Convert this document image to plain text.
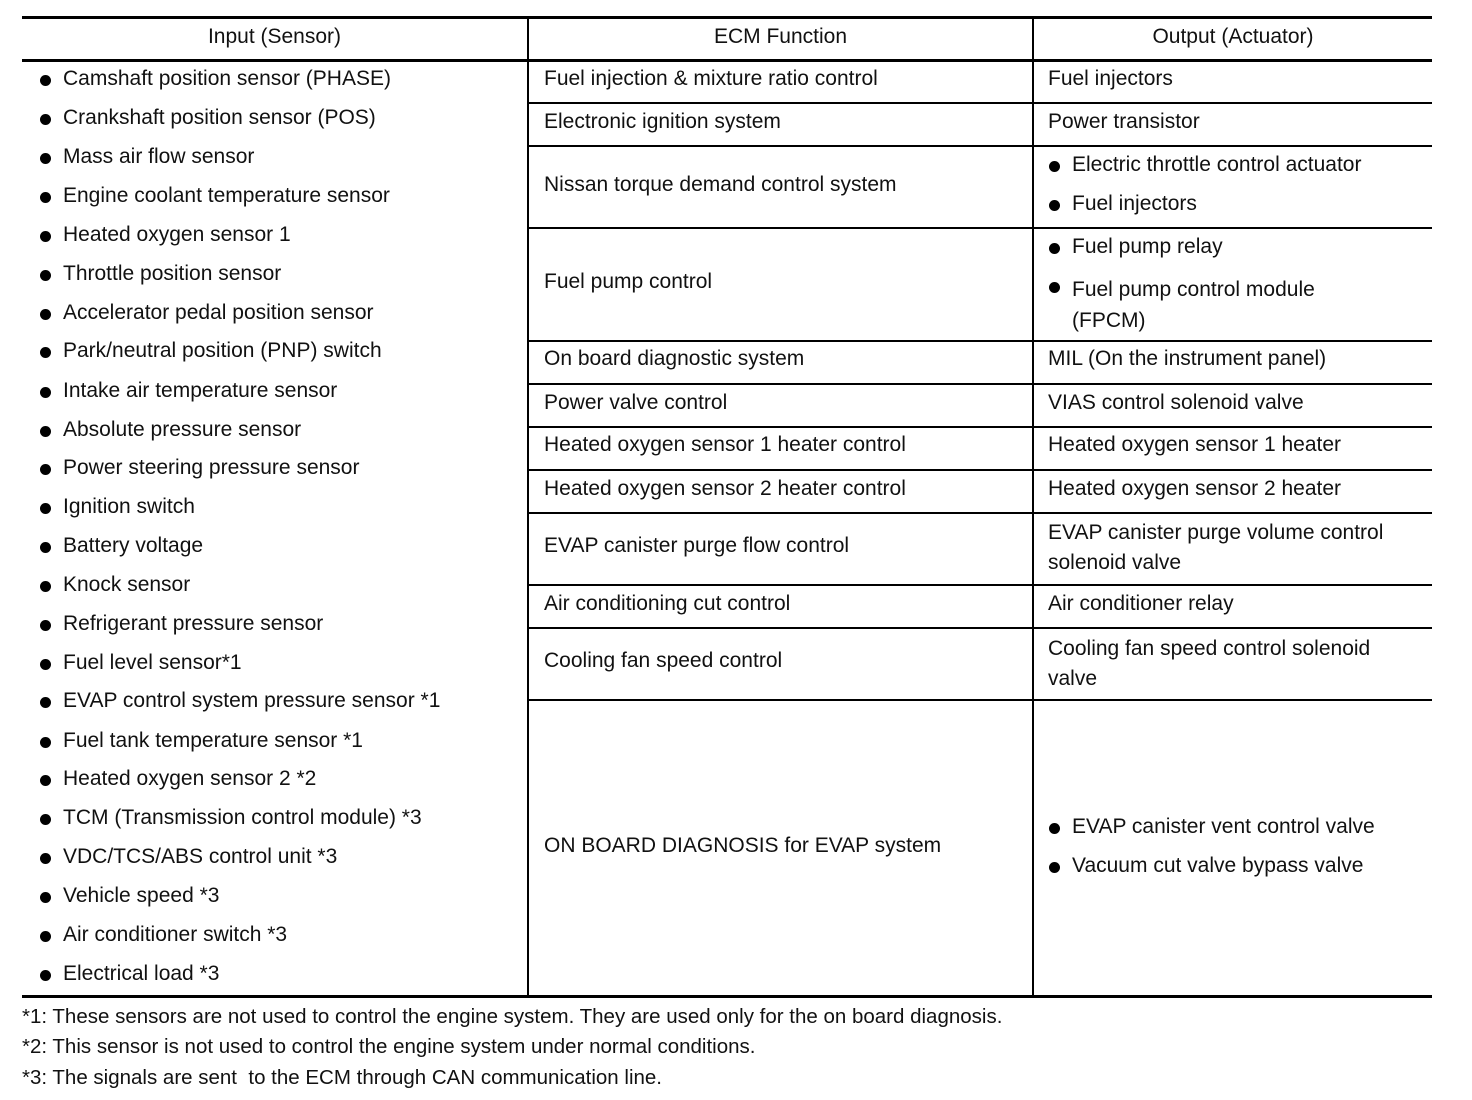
Input (Sensor)	ECM Function	Output (Actuator)
Camshaft position sensor (PHASE)
Crankshaft position sensor (POS)
Mass air flow sensor
Engine coolant temperature sensor
Heated oxygen sensor 1
Throttle position sensor
Accelerator pedal position sensor
Park/neutral position (PNP) switch
Intake air temperature sensor
Absolute pressure sensor
Power steering pressure sensor
Ignition switch
Battery voltage
Knock sensor
Refrigerant pressure sensor
Fuel level sensor*1
EVAP control system pressure sensor *1
Fuel tank temperature sensor *1
Heated oxygen sensor 2 *2
TCM (Transmission control module) *3
VDC/TCS/ABS control unit *3
Vehicle speed *3
Air conditioner switch *3
Electrical load *3
Fuel injection & mixture ratio control
Electronic ignition system
Nissan torque demand control system
Fuel pump control
On board diagnostic system
Power valve control
Heated oxygen sensor 1 heater control
Heated oxygen sensor 2 heater control
EVAP canister purge flow control
Air conditioning cut control
Cooling fan speed control
ON BOARD DIAGNOSIS for EVAP system
Fuel injectors
Power transistor
Electric throttle control actuator
Fuel injectors
Fuel pump relay
Fuel pump control module (FPCM)
MIL (On the instrument panel)
VIAS control solenoid valve
Heated oxygen sensor 1 heater
Heated oxygen sensor 2 heater
EVAP canister purge volume control solenoid valve
Air conditioner relay
Cooling fan speed control solenoid valve
EVAP canister vent control valve
Vacuum cut valve bypass valve
*1: These sensors are not used to control the engine system. They are used only for the on board diagnosis.
*2: This sensor is not used to control the engine system under normal conditions.
*3: The signals are sent  to the ECM through CAN communication line.
